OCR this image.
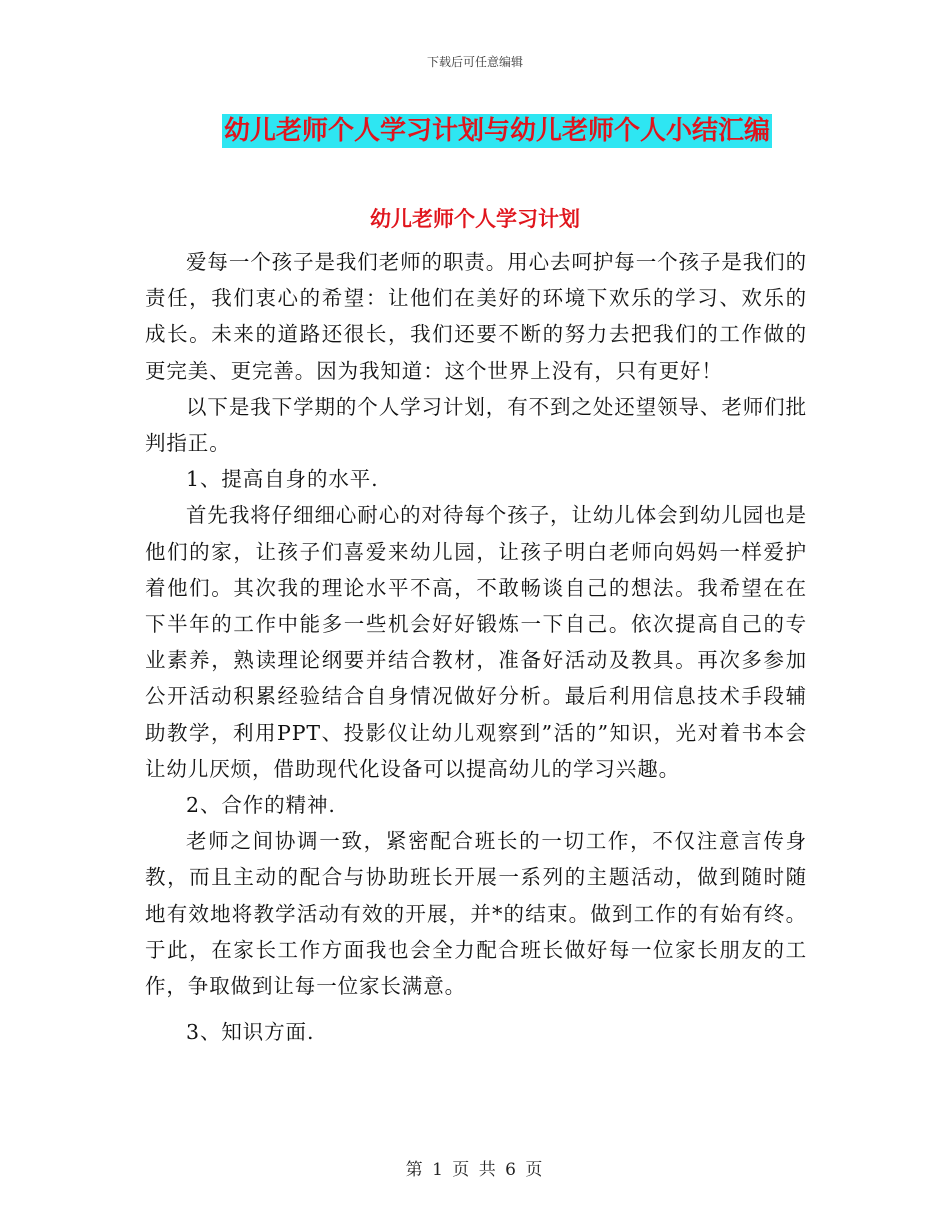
下载后可任意编辑
幼儿老师个人学习计划与幼儿老师个人小结汇编
幼儿老师个人学习计划

爱每一个孩子是我们老师的职责。用心去呵护每一个孩子是我们的责任，我们衷心的希望：让他们在美好的环境下欢乐的学习、欢乐的成长。未来的道路还很长，我们还要不断的努力去把我们的工作做的更完美、更完善。因为我知道：这个世界上没有，只有更好！

以下是我下学期的个人学习计划，有不到之处还望领导、老师们批判指正。

1、提高自身的水平.

首先我将仔细细心耐心的对待每个孩子，让幼儿体会到幼儿园也是他们的家，让孩子们喜爱来幼儿园，让孩子明白老师向妈妈一样爱护着他们。其次我的理论水平不高，不敢畅谈自己的想法。我希望在在下半年的工作中能多一些机会好好锻炼一下自己。依次提高自己的专业素养，熟读理论纲要并结合教材，准备好活动及教具。再次多参加公开活动积累经验结合自身情况做好分析。最后利用信息技术手段辅助教学，利用PPT、投影仪让幼儿观察到”活的”知识，光对着书本会让幼儿厌烦，借助现代化设备可以提高幼儿的学习兴趣。

2、合作的精神.

老师之间协调一致，紧密配合班长的一切工作，不仅注意言传身教，而且主动的配合与协助班长开展一系列的主题活动，做到随时随地有效地将教学活动有效的开展，并*的结束。做到工作的有始有终。于此，在家长工作方面我也会全力配合班长做好每一位家长朋友的工作，争取做到让每一位家长满意。

3、知识方面.

第 1 页 共 6 页
